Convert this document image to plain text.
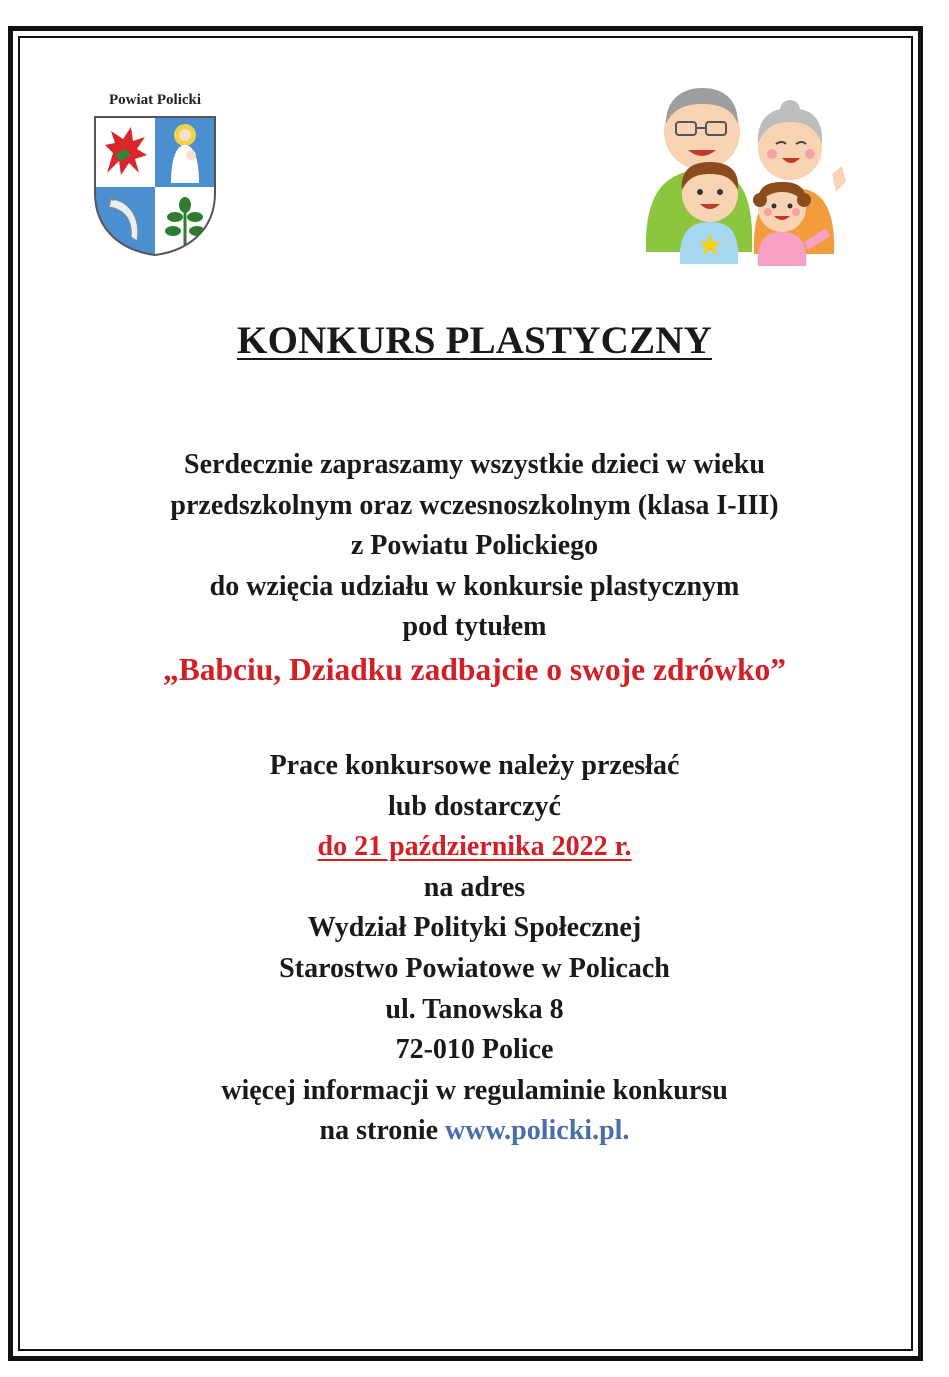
Powiat Policki
KONKURS PLASTYCZNY
Serdecznie zapraszamy wszystkie dzieci w wieku
przedszkolnym oraz wczesnoszkolnym (klasa I-III)
z Powiatu Polickiego
do wzięcia udziału w konkursie plastycznym
pod tytułem
„Babciu, Dziadku zadbajcie o swoje zdrówko”
Prace konkursowe należy przesłać
lub dostarczyć
do 21 października 2022 r.
na adres
Wydział Polityki Społecznej
Starostwo Powiatowe w Policach
ul. Tanowska 8
72-010 Police
więcej informacji w regulaminie konkursu
na stronie www.policki.pl.
